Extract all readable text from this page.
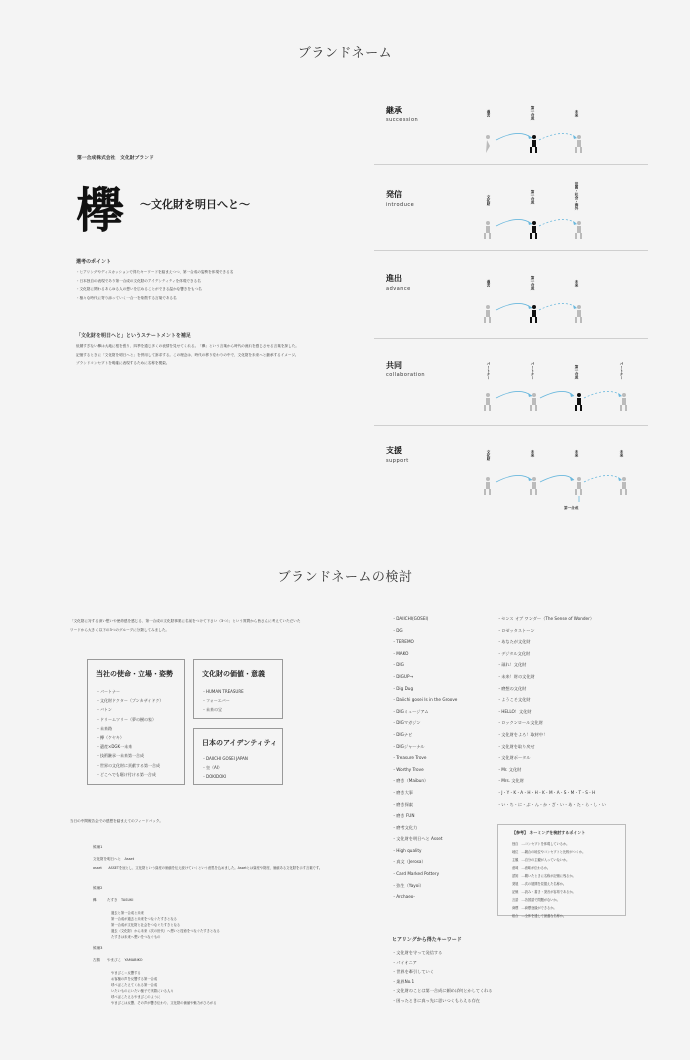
ブランドネーム
第一合成株式会社　文化財ブランド
欅 〜文化財を明日へと〜
選考のポイント
・ヒアリングやディスカッションで得たキーワードを踏まえつつ、第一合成の姿勢を体現できる名
・日本独自の表現であり第一合成の文化財のアイデンティティを体現できる名
・文化財に関わるあらゆる人の想いを広めることができる温かな響きをもつ名
・様々な時代に寄り添っていく一合一を象徴する言葉である名
「文化財を明日へと」というステートメントを補足
低層すぎない欅は大地に根を張り、四季を通じ多くの表情を見せてくれる。「欅」という言葉から時代の流れを感じさせる言葉を探した。
記憶するときに「文化財を明日へと」を併用して訴求する。この理念は、時代の移り変わりの中で、文化財を未来へと継承するイメージ。
ブランドコンセプトを明確に表現するために名称を模索。
継承
succession
過去	第一合成	未来
発信
introduce	文化財	第一合成	世間・社会・海外
進出
advance
過去	第一合成	未来
共同
collaboration	パートナー	パートナー	第一合成	パートナー
支援
support
文化財	未来	未来	未来
第一合成
ブランドネームの検討
「文化財に対する深い想いや使命感を感じる、第一合成の文化財事業に名前をつけて下さい（3つ）」という質問から皆さんに考えていただいた
ワードから大きく以下の3つのグループに分類してみました。
当社の使命・立場・姿勢
・パートナー
・文化財ドクター（ブンカザイドク）
・バトン
・ドリームツリー（夢の樹の家）
・未来路
・欅（ケヤキ）
・遺産×DGK一未来
・技術継承一未来第一合成
・世界の文化財に貢献する第一合成
・どこへでも駆け付ける第一合成
文化財の価値・意義
・HUMAN TREASURE
・フォーエバー
・未来の宝
日本のアイデンティティ
・DAIICHI GOSEI JAPAN
・皇（AI）
・DOKIDOKI
・DAIICHI(GOSEI)
・DG
・TEREMO
・MAKO
・DIG
・DIGUP→
・Dig Dug
・Daiichi gosei Is in the Groove
・DIGミュージアム
・DIGマガジン
・DIGナビ
・DIGジャーナル
・Treasure Trove
・Worthy Trove
・磨き（Maibun）
・磨き大事
・磨き探索
・磨き FUN
・磨考文化力
・文化財を明日へと Asset
・High quality
・真文（Jerosa）
・Card Marked Pottery
・弥生（Yayoi）
・Archaeo-
・センス オブ ワンダー（The Sense of Wonder）
・ロゼッタストーン
・あなたが文化財
・デジタル文化財
・頑れ！文化財
・未来！財の文化財
・磨想の文化財
・ようこそ文化財
・HELLO！文化財
・ロックンロール文化財
・文化財をよろ！取材中！
・文化財を取り戻せ
・文化財ポータル
・Mr. 文化財
・Mrs. 文化財
・J・Y・K・A・H・H・K・M・A・S・M・T・S・H
・い・ち・に・ぶ・ん・か・ざ・い・あ・た・ら・し・い
【参考】 ネーミングを検討するポイント
独自　…コンセプトを体現しているか。
地位　…競合の地位やコンセプトと比較がつくか。
主観　…自分の主観が入っていないか。
意味　…意味が伝わるか。
認知　…聞いたときに名称が記憶に残るか。
発展　…次の展開を見据えた名称か。
記憶　…読み・書き・発音が容易であるか。
言語　…各国語で問題がないか。
商標　…商標登録ができるか。
総合　…全体を通して最適な名称か。
当日の中間報告会での感想を踏まえてのフィードバック。
候補1
文化財を明日へと　Asset
asset　　ASSETを冠とし、文化財という資産の価値を伝え続けていくという意思を込めました。Assetとは資産や財産、価値ある文化財を示す言葉です。
候補2
欅　　　たすき　TASUKI
過去と第一合成と未来
第一合成が過去と未来をつなぐたすきとなる
第一合成が文化財と社会をつなぐたすきとなる
過去（文化財）から未来（次の世代）へ想いと技術をつなぐたすきとなる
たすきは未来へ想いをつなぐもの
候補3
古錆　　やまびこ　YAMABIKO
やまびこ＝反響する
お客様の声を反響する第一合成
呼べばこたえてくれる第一合成
いたいものにいたい様子で実際にいる人々
呼べばこたえるやまびこのように
やまびこは反響、その声が響き伝わり、文化財の価値や魅力がひろがる
ヒアリングから得たキーワード
・文化財を守って発信する
・パイオニア
・世界を牽引していく
・業界No.1
・文化財のことは第一合成に頼めば何とかしてくれる
・困ったときに真っ先に思いつくもらえる存在
